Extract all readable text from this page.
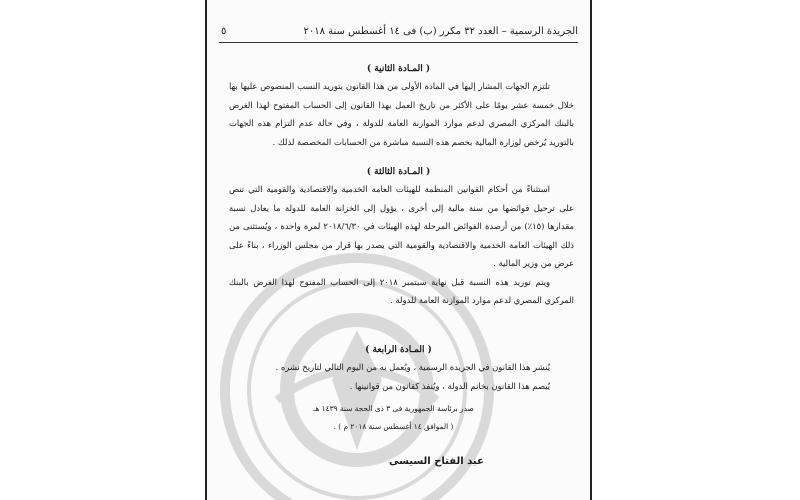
الجريدة الرسمية – العدد ٣٢ مكرر (ب) فى ١٤ أغسطس سنة ٢٠١٨
٥
( المـادة الثانية )

تلتزم الجهات المشار إليها في المادة الأولى من هذا القانون بتوريد النسب المنصوص عليها بها خلال خمسة عشر يومًا على الأكثر من تاريخ العمل بهذا القانون إلى الحساب المفتوح لهذا الغرض بالبنك المركزي المصري لدعم موارد الموازنة العامة للدولة ، وفي حالة عدم التزام هذه الجهات بالتوريد يُرخص لوزارة المالية بخصم هذه النسبة مباشرة من الحسابات المخصصة لذلك .

( المـادة الثالثة )

استثناءً من أحكام القوانين المنظمة للهيئات العامة الخدمية والاقتصادية والقومية التي تنص على ترحيل فوائضها من سنة مالية إلى أخرى ، يؤول إلى الخزانة العامة للدولة ما يعادل نسبة مقدارها (١٥٪) من أرصدة الفوائض المرحلة لهذه الهيئات في ٢٠١٨/٦/٣٠ لمرة واحدة ، ويُستثنى من ذلك الهيئات العامة الخدمية والاقتصادية والقومية التي يصدر بها قرار من مجلس الوزراء ، بناءً على عرض من وزير المالية .

ويتم توريد هذه النسبة قبل نهاية سبتمبر ٢٠١٨ إلى الحساب المفتوح لهذا الغرض بالبنك المركزي المصري لدعم موارد الموازنة العامة للدولة .

( المـادة الرابعة )

يُنشر هذا القانون في الجريدة الرسمية ، ويُعمل به من اليوم التالي لتاريخ نشره .

يُبصم هذا القانون بخاتم الدولة ، ويُنفذ كقانون من قوانينها .

صدر برئاسة الجمهورية فى ٣ ذى الحجة سنة ١٤٣٩ هـ

( الموافق ١٤ أغسطس سنة ٢٠١٨ م ) .

عبد الفتاح السيسى
